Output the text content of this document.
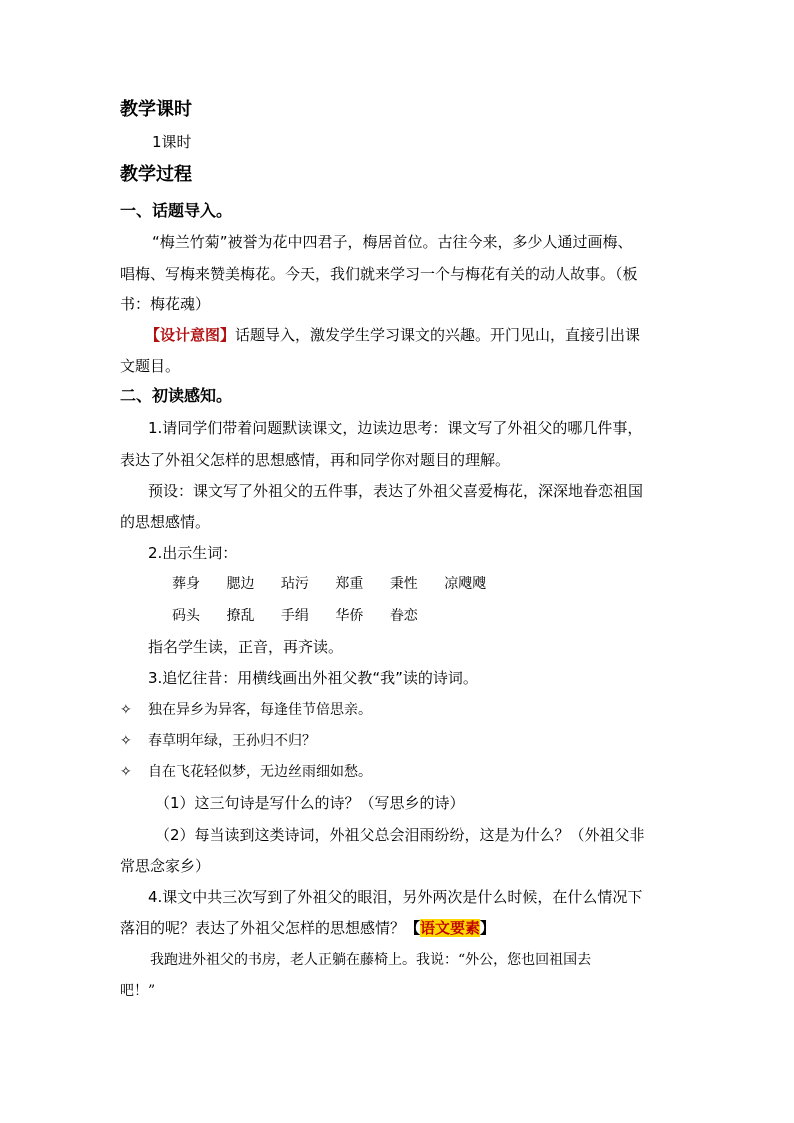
教学课时
1课时
教学过程
一、话题导入。
“梅兰竹菊”被誉为花中四君子，梅居首位。古往今来，多少人通过画梅、
唱梅、写梅来赞美梅花。今天，我们就来学习一个与梅花有关的动人故事。（板
书：梅花魂）
【设计意图】话题导入，激发学生学习课文的兴趣。开门见山，直接引出课
文题目。
二、初读感知。
1.请同学们带着问题默读课文，边读边思考：课文写了外祖父的哪几件事，
表达了外祖父怎样的思想感情，再和同学你对题目的理解。
预设：课文写了外祖父的五件事，表达了外祖父喜爱梅花，深深地眷恋祖国
的思想感情。
2.出示生词：
葬身 腮边 玷污 郑重 秉性 凉飕飕
码头 撩乱 手绢 华侨 眷恋
指名学生读，正音，再齐读。
3.追忆往昔：用横线画出外祖父教“我”读的诗词。
✧ 独在异乡为异客，每逢佳节倍思亲。
✧ 春草明年绿，王孙归不归？
✧ 自在飞花轻似梦，无边丝雨细如愁。
（1）这三句诗是写什么的诗？（写思乡的诗）
（2）每当读到这类诗词，外祖父总会泪雨纷纷，这是为什么？（外祖父非
常思念家乡）
4.课文中共三次写到了外祖父的眼泪，另外两次是什么时候，在什么情况下
落泪的呢？表达了外祖父怎样的思想感情？【语文要素】
我跑进外祖父的书房，老人正躺在藤椅上。我说：“外公，您也回祖国去
吧！”
